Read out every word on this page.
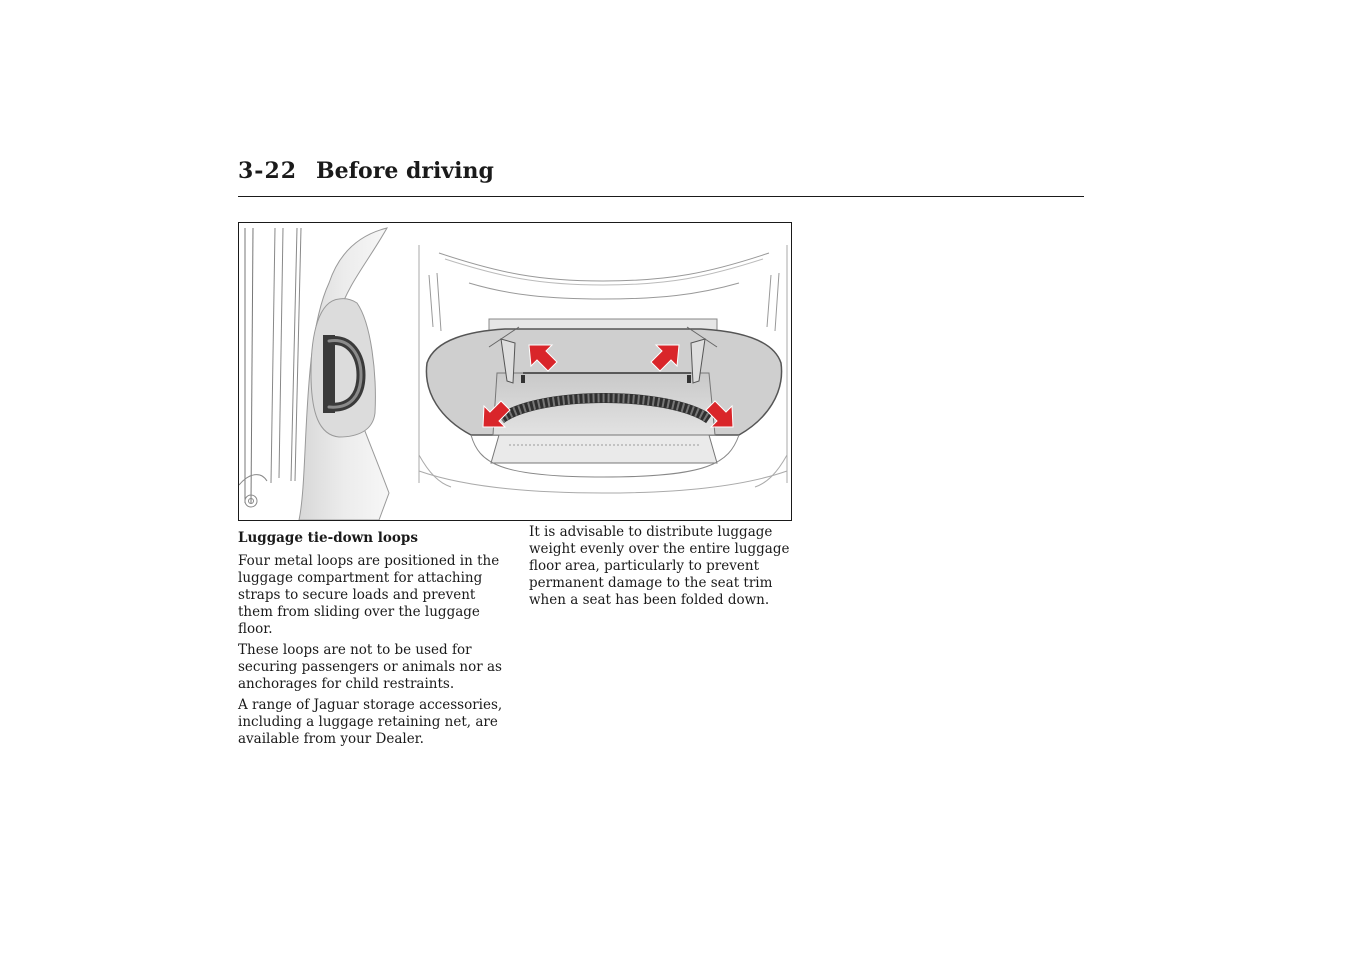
3-22 Before driving

Luggage tie-down loops

Four metal loops are positioned in the luggage compartment for attaching straps to secure loads and prevent them from sliding over the luggage floor.

These loops are not to be used for securing passengers or animals nor as anchorages for child restraints.

A range of Jaguar storage accessories, including a luggage retaining net, are available from your Dealer.

It is advisable to distribute luggage weight evenly over the entire luggage floor area, particularly to prevent permanent damage to the seat trim when a seat has been folded down.
